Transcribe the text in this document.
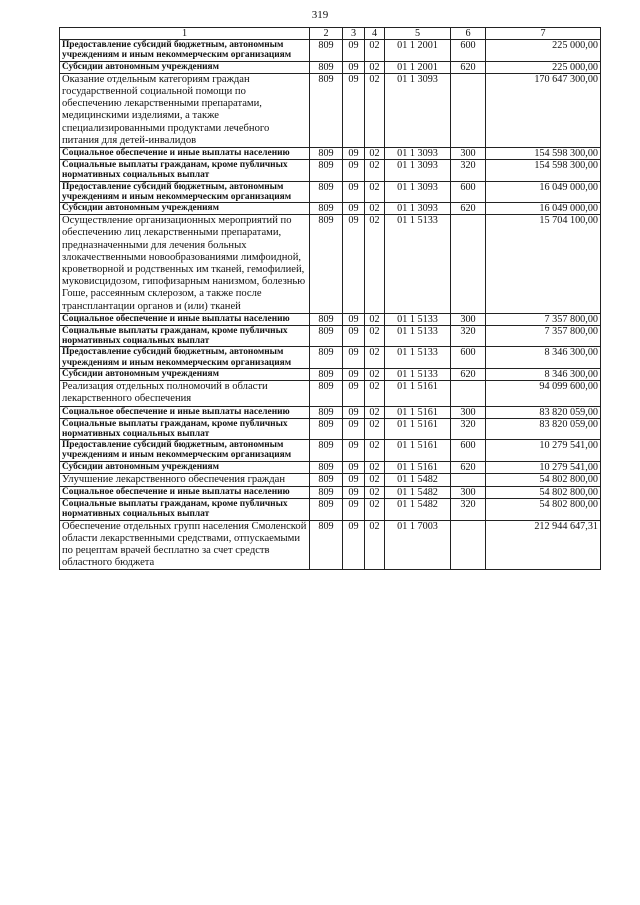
319
1	2	3	4	5	6	7
Предоставление субсидий бюджетным, автономным учреждениям и иным некоммерческим организациям	809	09	02	01 1 2001	600	225 000,00
Субсидии автономным учреждениям	809	09	02	01 1 2001	620	225 000,00
Оказание отдельным категориям граждан государственной социальной помощи по обеспечению лекарственными препаратами, медицинскими изделиями, а также специализированными продуктами лечебного питания для детей-инвалидов	809	09	02	01 1 3093		170 647 300,00
Социальное обеспечение и иные выплаты населению	809	09	02	01 1 3093	300	154 598 300,00
Социальные выплаты гражданам, кроме публичных нормативных социальных выплат	809	09	02	01 1 3093	320	154 598 300,00
Предоставление субсидий бюджетным, автономным учреждениям и иным некоммерческим организациям	809	09	02	01 1 3093	600	16 049 000,00
Субсидии автономным учреждениям	809	09	02	01 1 3093	620	16 049 000,00
Осуществление организационных мероприятий по обеспечению лиц лекарственными препаратами, предназначенными для лечения больных злокачественными новообразованиями лимфоидной, кроветворной и родственных им тканей, гемофилией, муковисцидозом, гипофизарным нанизмом, болезнью Гоше, рассеянным склерозом, а также после трансплантации органов и (или) тканей	809	09	02	01 1 5133		15 704 100,00
Социальное обеспечение и иные выплаты населению	809	09	02	01 1 5133	300	7 357 800,00
Социальные выплаты гражданам, кроме публичных нормативных социальных выплат	809	09	02	01 1 5133	320	7 357 800,00
Предоставление субсидий бюджетным, автономным учреждениям и иным некоммерческим организациям	809	09	02	01 1 5133	600	8 346 300,00
Субсидии автономным учреждениям	809	09	02	01 1 5133	620	8 346 300,00
Реализация отдельных полномочий в области лекарственного обеспечения	809	09	02	01 1 5161		94 099 600,00
Социальное обеспечение и иные выплаты населению	809	09	02	01 1 5161	300	83 820 059,00
Социальные выплаты гражданам, кроме публичных нормативных социальных выплат	809	09	02	01 1 5161	320	83 820 059,00
Предоставление субсидий бюджетным, автономным учреждениям и иным некоммерческим организациям	809	09	02	01 1 5161	600	10 279 541,00
Субсидии автономным учреждениям	809	09	02	01 1 5161	620	10 279 541,00
Улучшение лекарственного обеспечения граждан	809	09	02	01 1 5482		54 802 800,00
Социальное обеспечение и иные выплаты населению	809	09	02	01 1 5482	300	54 802 800,00
Социальные выплаты гражданам, кроме публичных нормативных социальных выплат	809	09	02	01 1 5482	320	54 802 800,00
Обеспечение отдельных групп населения Смоленской области лекарственными средствами, отпускаемыми по рецептам врачей бесплатно за счет средств областного бюджета	809	09	02	01 1 7003		212 944 647,31
